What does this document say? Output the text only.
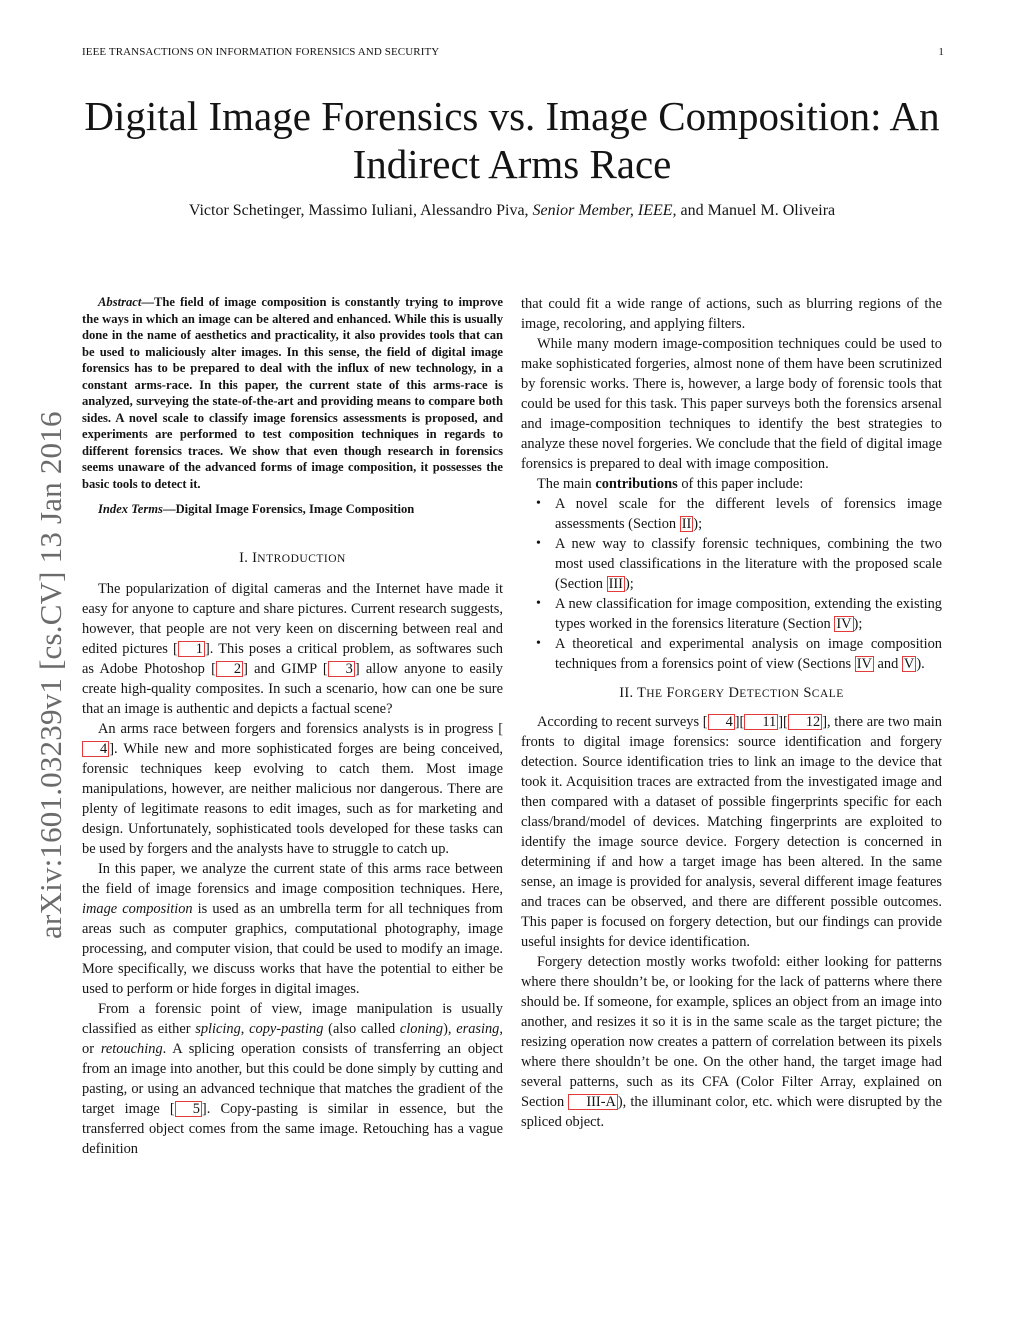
IEEE TRANSACTIONS ON INFORMATION FORENSICS AND SECURITY	1
Digital Image Forensics vs. Image Composition: An
Indirect Arms Race
Victor Schetinger, Massimo Iuliani, Alessandro Piva, Senior Member, IEEE, and Manuel M. Oliveira
arXiv:1601.03239v1 [cs.CV] 13 Jan 2016

Abstract—The field of image composition is constantly trying to improve the ways in which an image can be altered and enhanced. While this is usually done in the name of aesthetics and practicality, it also provides tools that can be used to maliciously alter images. In this sense, the field of digital image forensics has to be prepared to deal with the influx of new technology, in a constant arms-race. In this paper, the current state of this arms-race is analyzed, surveying the state-of-the-art and providing means to compare both sides. A novel scale to classify image forensics assessments is proposed, and experiments are performed to test composition techniques in regards to different forensics traces. We show that even though research in forensics seems unaware of the advanced forms of image composition, it possesses the basic tools to detect it.

Index Terms—Digital Image Forensics, Image Composition

I. INTRODUCTION

The popularization of digital cameras and the Internet have made it easy for anyone to capture and share pictures. Current research suggests, however, that people are not very keen on discerning between real and edited pictures [ 1 ]. This poses a critical problem, as softwares such as Adobe Photoshop [ 2 ] and GIMP [ 3 ] allow anyone to easily create high-quality composites. In such a scenario, how can one be sure that an image is authentic and depicts a factual scene?

An arms race between forgers and forensics analysts is in progress [4 ]. While new and more sophisticated forges are being conceived, forensic techniques keep evolving to catch them. Most image manipulations, however, are neither malicious nor dangerous. There are plenty of legitimate reasons to edit images, such as for marketing and design. Unfortunately, sophisticated tools developed for these tasks can be used by forgers and the analysts have to struggle to catch up.

In this paper, we analyze the current state of this arms race between the field of image forensics and image composition techniques. Here, image composition is used as an umbrella term for all techniques from areas such as computer graphics, computational photography, image processing, and computer vision, that could be used to modify an image. More specifically, we discuss works that have the potential to either be used to perform or hide forges in digital images.

From a forensic point of view, image manipulation is usually classified as either splicing, copy-pasting (also called cloning), erasing, or retouching. A splicing operation consists of transferring an object from an image into another, but this could be done simply by cutting and pasting, or using an advanced technique that matches the gradient of the target image [ 5 ]. Copy-pasting is similar in essence, but the transferred object comes from the same image. Retouching has a vague definition

that could fit a wide range of actions, such as blurring regions of the image, recoloring, and applying filters.

While many modern image-composition techniques could be used to make sophisticated forgeries, almost none of them have been scrutinized by forensic works. There is, however, a large body of forensic tools that could be used for this task. This paper surveys both the forensics arsenal and image-composition techniques to identify the best strategies to analyze these novel forgeries. We conclude that the field of digital image forensics is prepared to deal with image composition.

The main contributions of this paper include:

• A novel scale for the different levels of forensics image assessments (Section II );
• A new way to classify forensic techniques, combining the two most used classifications in the literature with the proposed scale (Section III );
• A new classification for image composition, extending the existing types worked in the forensics literature (Section IV );
• A theoretical and experimental analysis on image composition techniques from a forensics point of view (Sections IV and V ).
II. THE FORGERY DETECTION SCALE

According to recent surveys [ 4 ][ 11 ][ 12 ], there are two main fronts to digital image forensics: source identification and forgery detection. Source identification tries to link an image to the device that took it. Acquisition traces are extracted from the investigated image and then compared with a dataset of possible fingerprints specific for each class/brand/model of devices. Matching fingerprints are exploited to identify the image source device. Forgery detection is concerned in determining if and how a target image has been altered. In the same sense, an image is provided for analysis, several different image features and traces can be observed, and there are different possible outcomes. This paper is focused on forgery detection, but our findings can provide useful insights for device identification.

Forgery detection mostly works twofold: either looking for patterns where there shouldn’t be, or looking for the lack of patterns where there should be. If someone, for example, splices an object from an image into another, and resizes it so it is in the same scale as the target picture; the resizing operation now creates a pattern of correlation between its pixels where there shouldn’t be one. On the other hand, the target image had several patterns, such as its CFA (Color Filter Array, explained on Section III-A ), the illuminant color, etc. which were disrupted by the spliced object.
